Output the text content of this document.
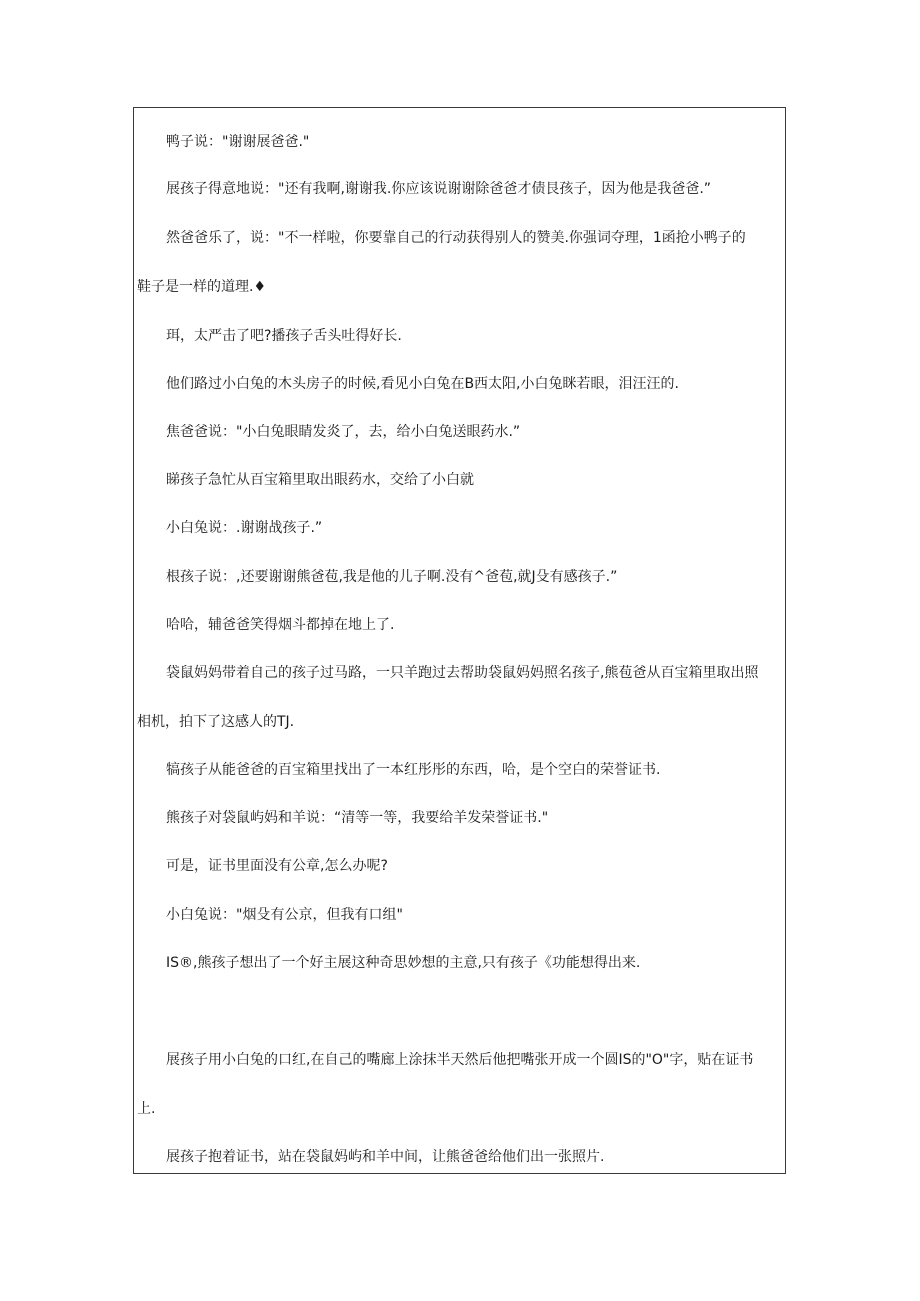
鸭子说："谢谢展爸爸."
展孩子得意地说："还有我啊,谢谢我.你应该说谢谢除爸爸才债艮孩子，因为他是我爸爸.”
然爸爸乐了，说："不一样啦，你要靠自己的行动获得别人的赞美.你强词夺理，1函抢小鸭子的
鞋子是一样的道理.♦
珥，太严击了吧?播孩子舌头吐得好长.
他们路过小白兔的木头房子的时候,看见小白兔在B西太阳,小白兔眯若眼，泪汪汪的.
焦爸爸说："小白兔眼睛发炎了，去，给小白兔送眼药水.”
睇孩子急忙从百宝箱里取出眼药水，交给了小白就
小白兔说：.谢谢战孩子.”
根孩子说：,还要谢谢熊爸苞,我是他的儿子啊.没有^爸苞,就J殳有感孩子.”
哈哈，辅爸爸笑得烟斗都掉在地上了.
袋鼠妈妈带着自己的孩子过马路，一只羊跑过去帮助袋鼠妈妈照名孩子,熊苞爸从百宝箱里取出照
相机，拍下了这感人的TJ.
犒孩子从能爸爸的百宝箱里找出了一本红彤彤的东西，哈，是个空白的荣誉证书.
熊孩子对袋鼠屿妈和羊说：“清等一等，我要给羊发荣誉证书."
可是，证书里面没有公章,怎么办呢?
小白兔说："烟殳有公京，但我有口组"
IS®,熊孩子想出了一个好主展这种奇思妙想的主意,只有孩子《功能想得出来.
展孩子用小白兔的口红,在自己的嘴廊上涂抹半天然后他把嘴张开成一个圆IS的"O"字，贴在证书
上.
展孩子抱着证书，站在袋鼠妈屿和羊中间，让熊爸爸给他们出一张照片.
